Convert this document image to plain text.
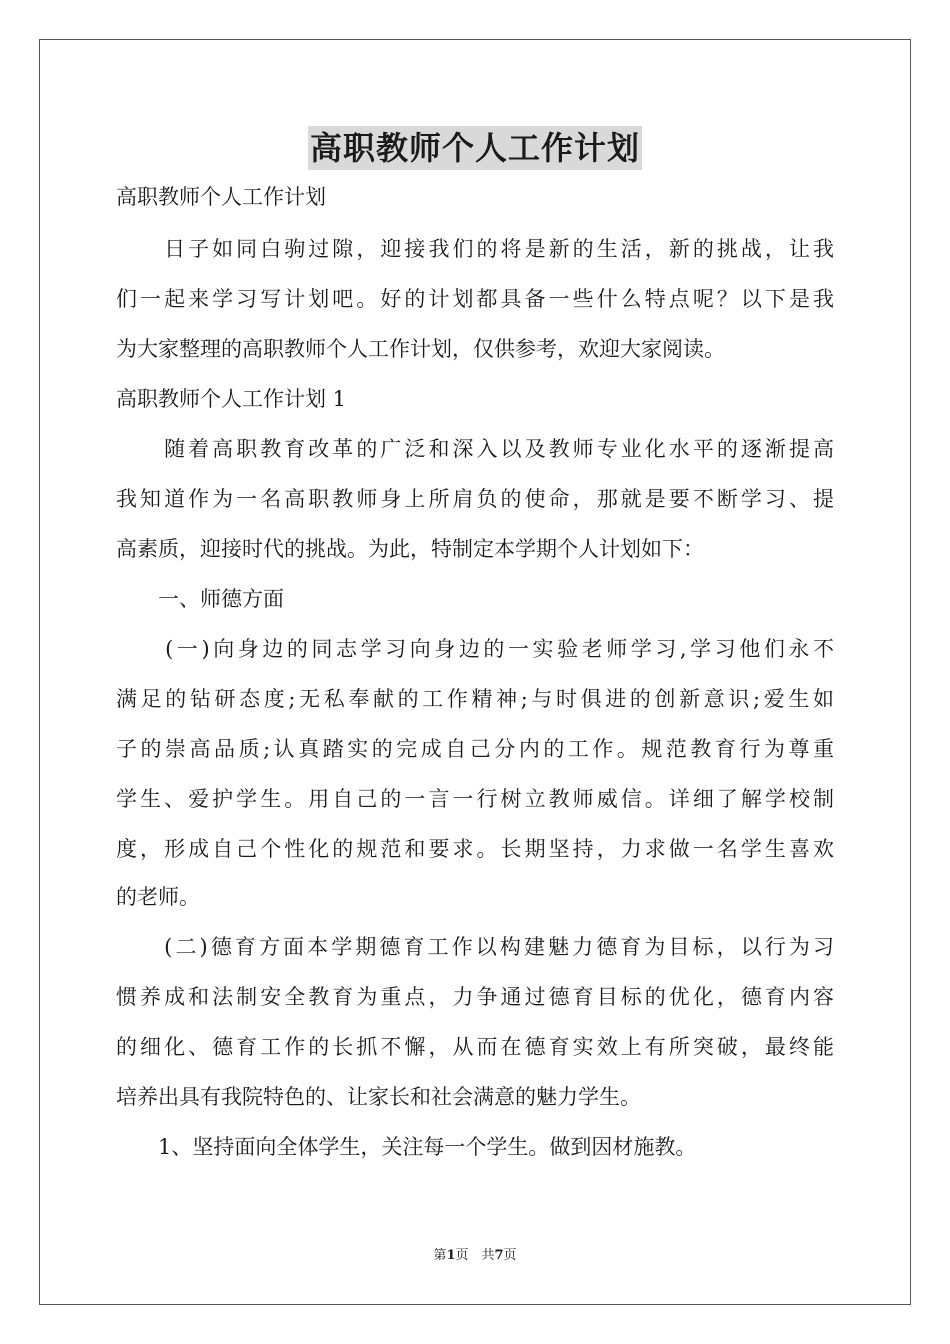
高职教师个人工作计划
高职教师个人工作计划
　　日子如同白驹过隙，迎接我们的将是新的生活，新的挑战，让我
们一起来学习写计划吧。好的计划都具备一些什么特点呢？以下是我
为大家整理的高职教师个人工作计划，仅供参考，欢迎大家阅读。
高职教师个人工作计划 1
　　随着高职教育改革的广泛和深入以及教师专业化水平的逐渐提高
我知道作为一名高职教师身上所肩负的使命，那就是要不断学习、提
高素质，迎接时代的挑战。为此，特制定本学期个人计划如下：
　　一、师德方面
　　(一)向身边的同志学习向身边的一实验老师学习,学习他们永不
满足的钻研态度;无私奉献的工作精神;与时俱进的创新意识;爱生如
子的崇高品质;认真踏实的完成自己分内的工作。规范教育行为尊重
学生、爱护学生。用自己的一言一行树立教师威信。详细了解学校制
度，形成自己个性化的规范和要求。长期坚持，力求做一名学生喜欢
的老师。
　　(二)德育方面本学期德育工作以构建魅力德育为目标，以行为习
惯养成和法制安全教育为重点，力争通过德育目标的优化，德育内容
的细化、德育工作的长抓不懈，从而在德育实效上有所突破，最终能
培养出具有我院特色的、让家长和社会满意的魅力学生。
　　1、坚持面向全体学生，关注每一个学生。做到因材施教。
第1页　共7页
